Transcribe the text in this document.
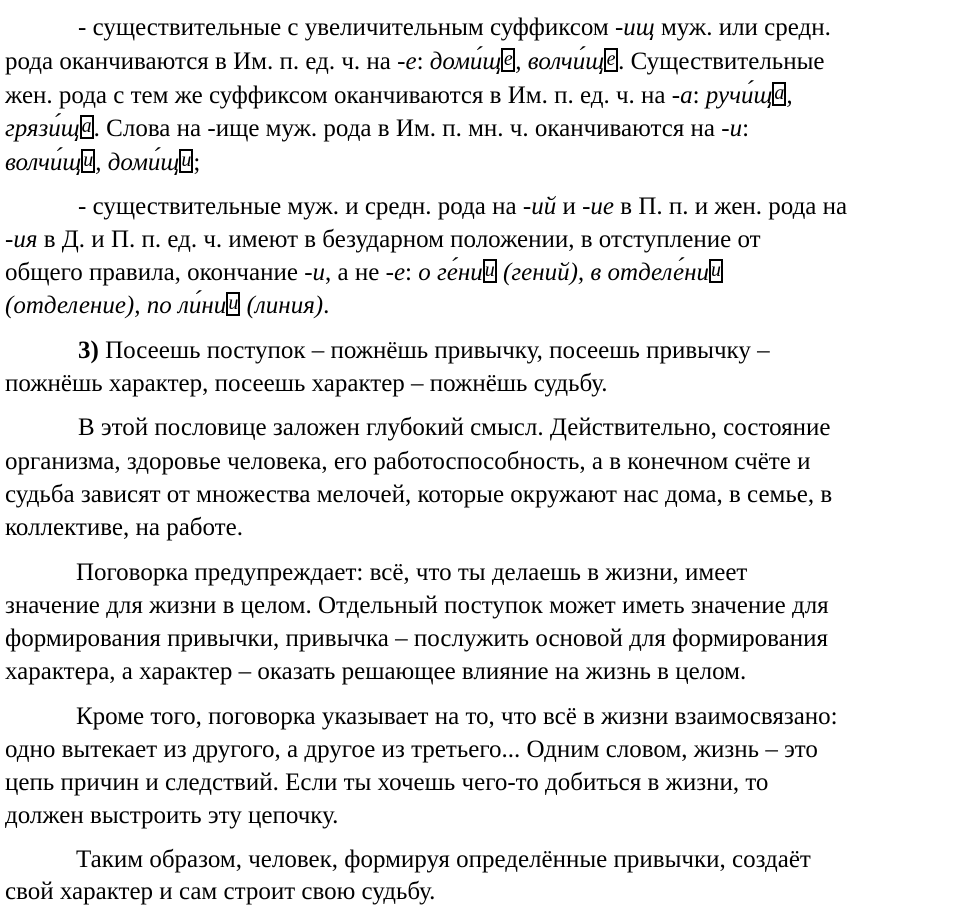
- существительные с увеличительным суффиксом -ищ муж. или средн.
рода оканчиваются в Им. п. ед. ч. на -е: доми́щ е , волчи́щ е . Существительные
жен. рода с тем же суффиксом оканчиваются в Им. п. ед. ч. на -а: ручи́щ а,
грязи́щ а. Слова на -ище муж. рода в Им. п. мн. ч. оканчиваются на -и:
волчи́щ и, доми́щ и;
- существительные муж. и средн. рода на -ий и -ие в П. п. и жен. рода на
-ия в Д. и П. п. ед. ч. имеют в безударном положении, в отступление от
общего правила, окончание -и, а не -е: о ге́ни и (гений), в отделе́ни и
(отделение), по ли́ни и (линия).
3) Посеешь поступок – пожнёшь привычку, посеешь привычку –
пожнёшь характер, посеешь характер – пожнёшь судьбу.
В этой пословице заложен глубокий смысл. Действительно, состояние
организма, здоровье человека, его работоспособность, а в конечном счёте и
судьба зависят от множества мелочей, которые окружают нас дома, в семье, в
коллективе, на работе.
Поговорка предупреждает: всё, что ты делаешь в жизни, имеет
значение для жизни в целом. Отдельный поступок может иметь значение для
формирования привычки, привычка – послужить основой для формирования
характера, а характер – оказать решающее влияние на жизнь в целом.
Кроме того, поговорка указывает на то, что всё в жизни взаимосвязано:
одно вытекает из другого, а другое из третьего... Одним словом, жизнь – это
цепь причин и следствий. Если ты хочешь чего-то добиться в жизни, то
должен выстроить эту цепочку.
Таким образом, человек, формируя определённые привычки, создаёт
свой характер и сам строит свою судьбу.
